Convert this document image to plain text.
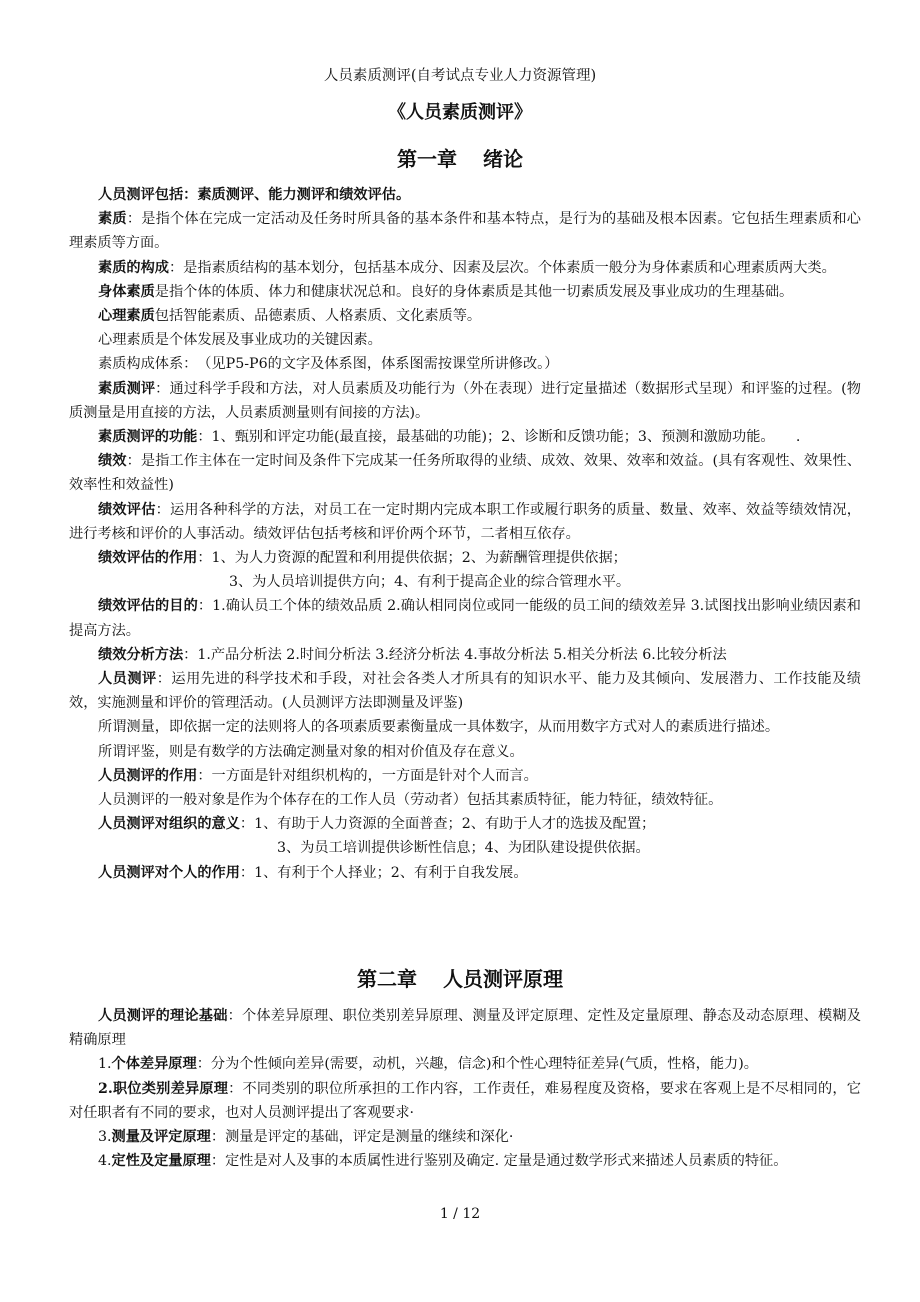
人员素质测评(自考试点专业人力资源管理)
《人员素质测评》
第一章 绪论

人员测评包括：素质测评、能力测评和绩效评估。

素质：是指个体在完成一定活动及任务时所具备的基本条件和基本特点，是行为的基础及根本因素。它包括生理素质和心理素质等方面。

素质的构成：是指素质结构的基本划分，包括基本成分、因素及层次。个体素质一般分为身体素质和心理素质两大类。

身体素质是指个体的体质、体力和健康状况总和。良好的身体素质是其他一切素质发展及事业成功的生理基础。

心理素质包括智能素质、品德素质、人格素质、文化素质等。

心理素质是个体发展及事业成功的关键因素。

素质构成体系：　（见P5-P6的文字及体系图，体系图需按课堂所讲修改。）

素质测评：通过科学手段和方法，对人员素质及功能行为（外在表现）进行定量描述（数据形式呈现）和评鉴的过程。(物质测量是用直接的方法，人员素质测量则有间接的方法)。

素质测评的功能：1、甄别和评定功能(最直接，最基础的功能)；2、诊断和反馈功能；3、预测和激励功能。　　.

绩效：是指工作主体在一定时间及条件下完成某一任务所取得的业绩、成效、效果、效率和效益。(具有客观性、效果性、效率性和效益性)

绩效评估：运用各种科学的方法，对员工在一定时期内完成本职工作或履行职务的质量、数量、效率、效益等绩效情况，进行考核和评价的人事活动。绩效评估包括考核和评价两个环节，二者相互依存。

绩效评估的作用：1、为人力资源的配置和利用提供依据；2、为薪酬管理提供依据；

3、为人员培训提供方向；4、有利于提高企业的综合管理水平。

绩效评估的目的：1.确认员工个体的绩效品质 2.确认相同岗位或同一能级的员工间的绩效差异 3.试图找出影响业绩因素和提高方法。

绩效分析方法：1.产品分析法 2.时间分析法 3.经济分析法 4.事故分析法 5.相关分析法 6.比较分析法

人员测评：运用先进的科学技术和手段，对社会各类人才所具有的知识水平、能力及其倾向、发展潜力、工作技能及绩效，实施测量和评价的管理活动。(人员测评方法即测量及评鉴)

所谓测量，即依据一定的法则将人的各项素质要素衡量成一具体数字，从而用数字方式对人的素质进行描述。

所谓评鉴，则是有数学的方法确定测量对象的相对价值及存在意义。

人员测评的作用：一方面是针对组织机构的，一方面是针对个人而言。

人员测评的一般对象是作为个体存在的工作人员（劳动者）包括其素质特征，能力特征，绩效特征。

人员测评对组织的意义：1、有助于人力资源的全面普查；2、有助于人才的选拔及配置；

3、为员工培训提供诊断性信息；4、为团队建设提供依据。

人员测评对个人的作用：1、有利于个人择业；2、有利于自我发展。

第二章 人员测评原理

人员测评的理论基础：个体差异原理、职位类别差异原理、测量及评定原理、定性及定量原理、静态及动态原理、模糊及精确原理

1.个体差异原理：分为个性倾向差异(需要，动机，兴趣，信念)和个性心理特征差异(气质，性格，能力)。

2.职位类别差异原理：不同类别的职位所承担的工作内容，工作责任，难易程度及资格，要求在客观上是不尽相同的，它对任职者有不同的要求，也对人员测评提出了客观要求·

3.测量及评定原理：测量是评定的基础，评定是测量的继续和深化·

4.定性及定量原理：定性是对人及事的本质属性进行鉴别及确定. 定量是通过数学形式来描述人员素质的特征。

1 / 12
